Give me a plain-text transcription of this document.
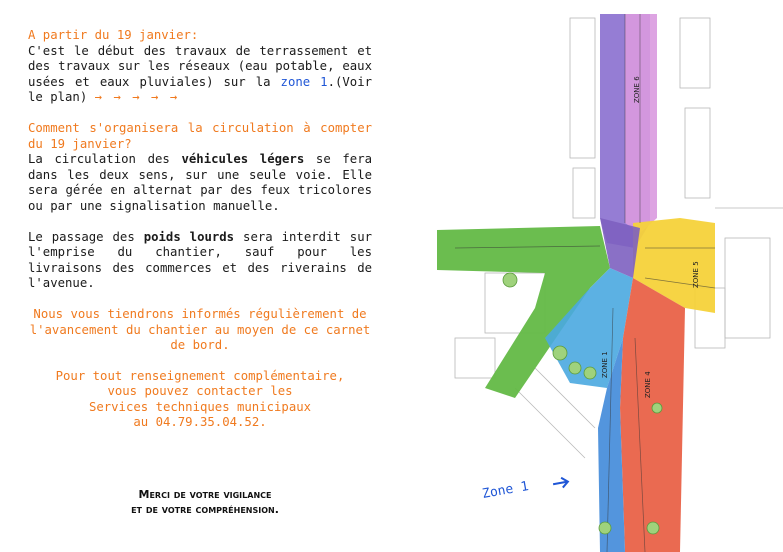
A partir du 19 janvier:

C'est le début des travaux de terrassement et des travaux sur les réseaux (eau potable, eaux usées et eaux pluviales) sur la zone 1.(Voir le plan) → → → → →

Comment s'organisera la circulation à compter du 19 janvier?

La circulation des véhicules légers se fera dans les deux sens, sur une seule voie. Elle sera gérée en alternat par des feux tricolores ou par une signalisation manuelle.

Le passage des poids lourds sera interdit sur l'emprise du chantier, sauf pour les livraisons des commerces et des riverains de l'avenue.

Nous vous tiendrons informés régulièrement de l'avancement du chantier au moyen de ce carnet de bord.

Pour tout renseignement complémentaire,

vous pouvez contacter les

Services techniques municipaux

au 04.79.35.04.52.

Merci de votre vigilance
et de votre compréhension.
ZONE 6
ZONE 5
ZONE 4
ZONE 1
Zone 1
